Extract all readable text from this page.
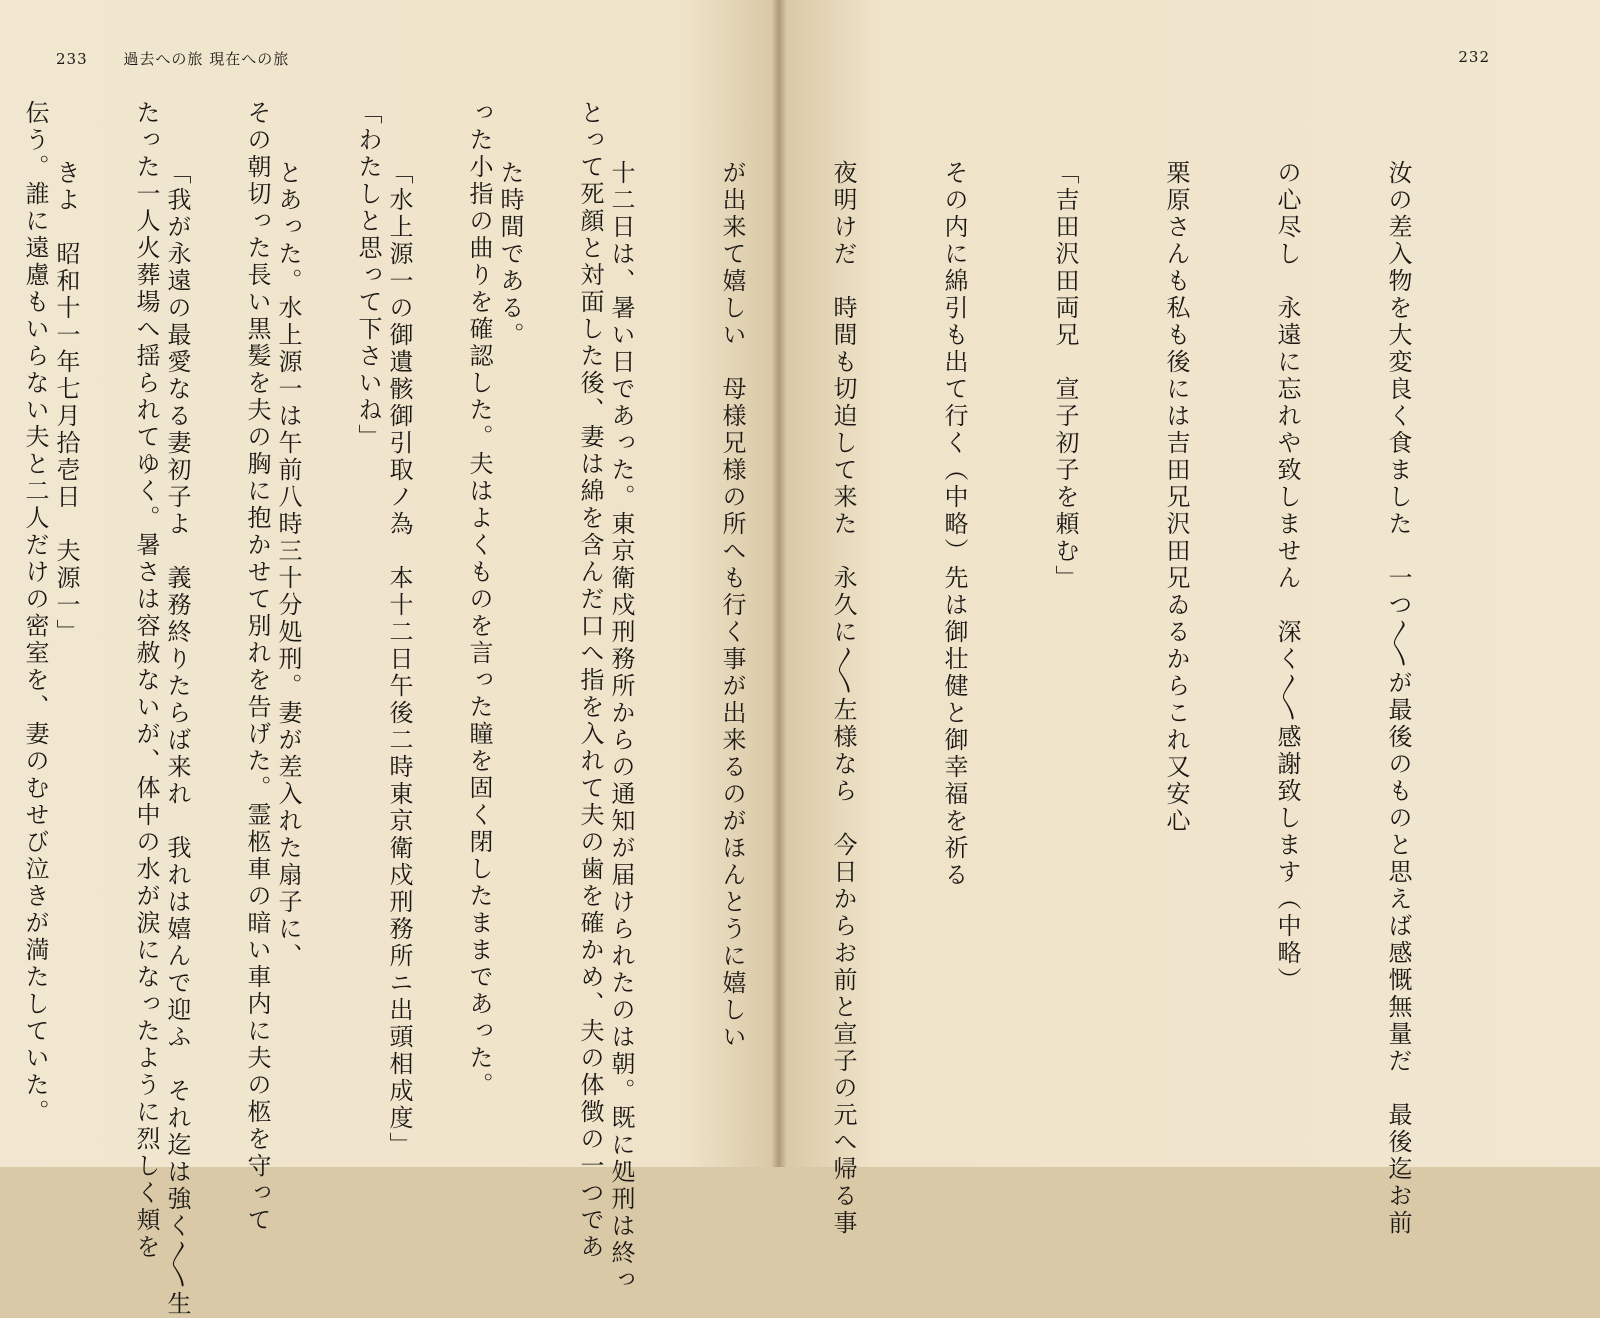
233 過去への旅 現在への旅

とって死顔と対面した後、妻は綿を含んだ口へ指を入れて夫の歯を確かめ、夫の体徴の一つであ

った小指の曲りを確認した。夫はよくものを言った瞳を固く閉したままであった。

「わたしと思って下さいね」

その朝切った長い黒髪を夫の胸に抱かせて別れを告げた。霊柩車の暗い車内に夫の柩を守って

たった一人火葬場へ揺られてゆく。暑さは容赦ないが、体中の水が涙になったように烈しく頬を

伝う。誰に遠慮もいらない夫と二人だけの密室を、妻のむせび泣きが満たしていた。

232

汝の差入物を大変良く食ました　一つ〳〵が最後のものと思えば感慨無量だ　最後迄お前

の心尽し　永遠に忘れや致しません　深く〳〵感謝致します（中略）

栗原さんも私も後には吉田兄沢田兄ゐるからこれ又安心

「吉田沢田両兄　宣子初子を頼む」

その内に綿引も出て行く（中略）先は御壮健と御幸福を祈る

夜明けだ　時間も切迫して来た　永久に〳〵左様なら　今日からお前と宣子の元へ帰る事

が出来て嬉しい　母様兄様の所へも行く事が出来るのがほんとうに嬉しい

十二日は、暑い日であった。東京衛戍刑務所からの通知が届けられたのは朝。既に処刑は終っ

た時間である。

「水上源一の御遺骸御引取ノ為　本十二日午後二時東京衛戍刑務所ニ出頭相成度」

とあった。水上源一は午前八時三十分処刑。妻が差入れた扇子に、

「我が永遠の最愛なる妻初子よ　義務終りたらば来れ　我れは嬉んで迎ふ　それ迄は強く〳〵生

きよ　昭和十一年七月拾壱日　夫源一」
